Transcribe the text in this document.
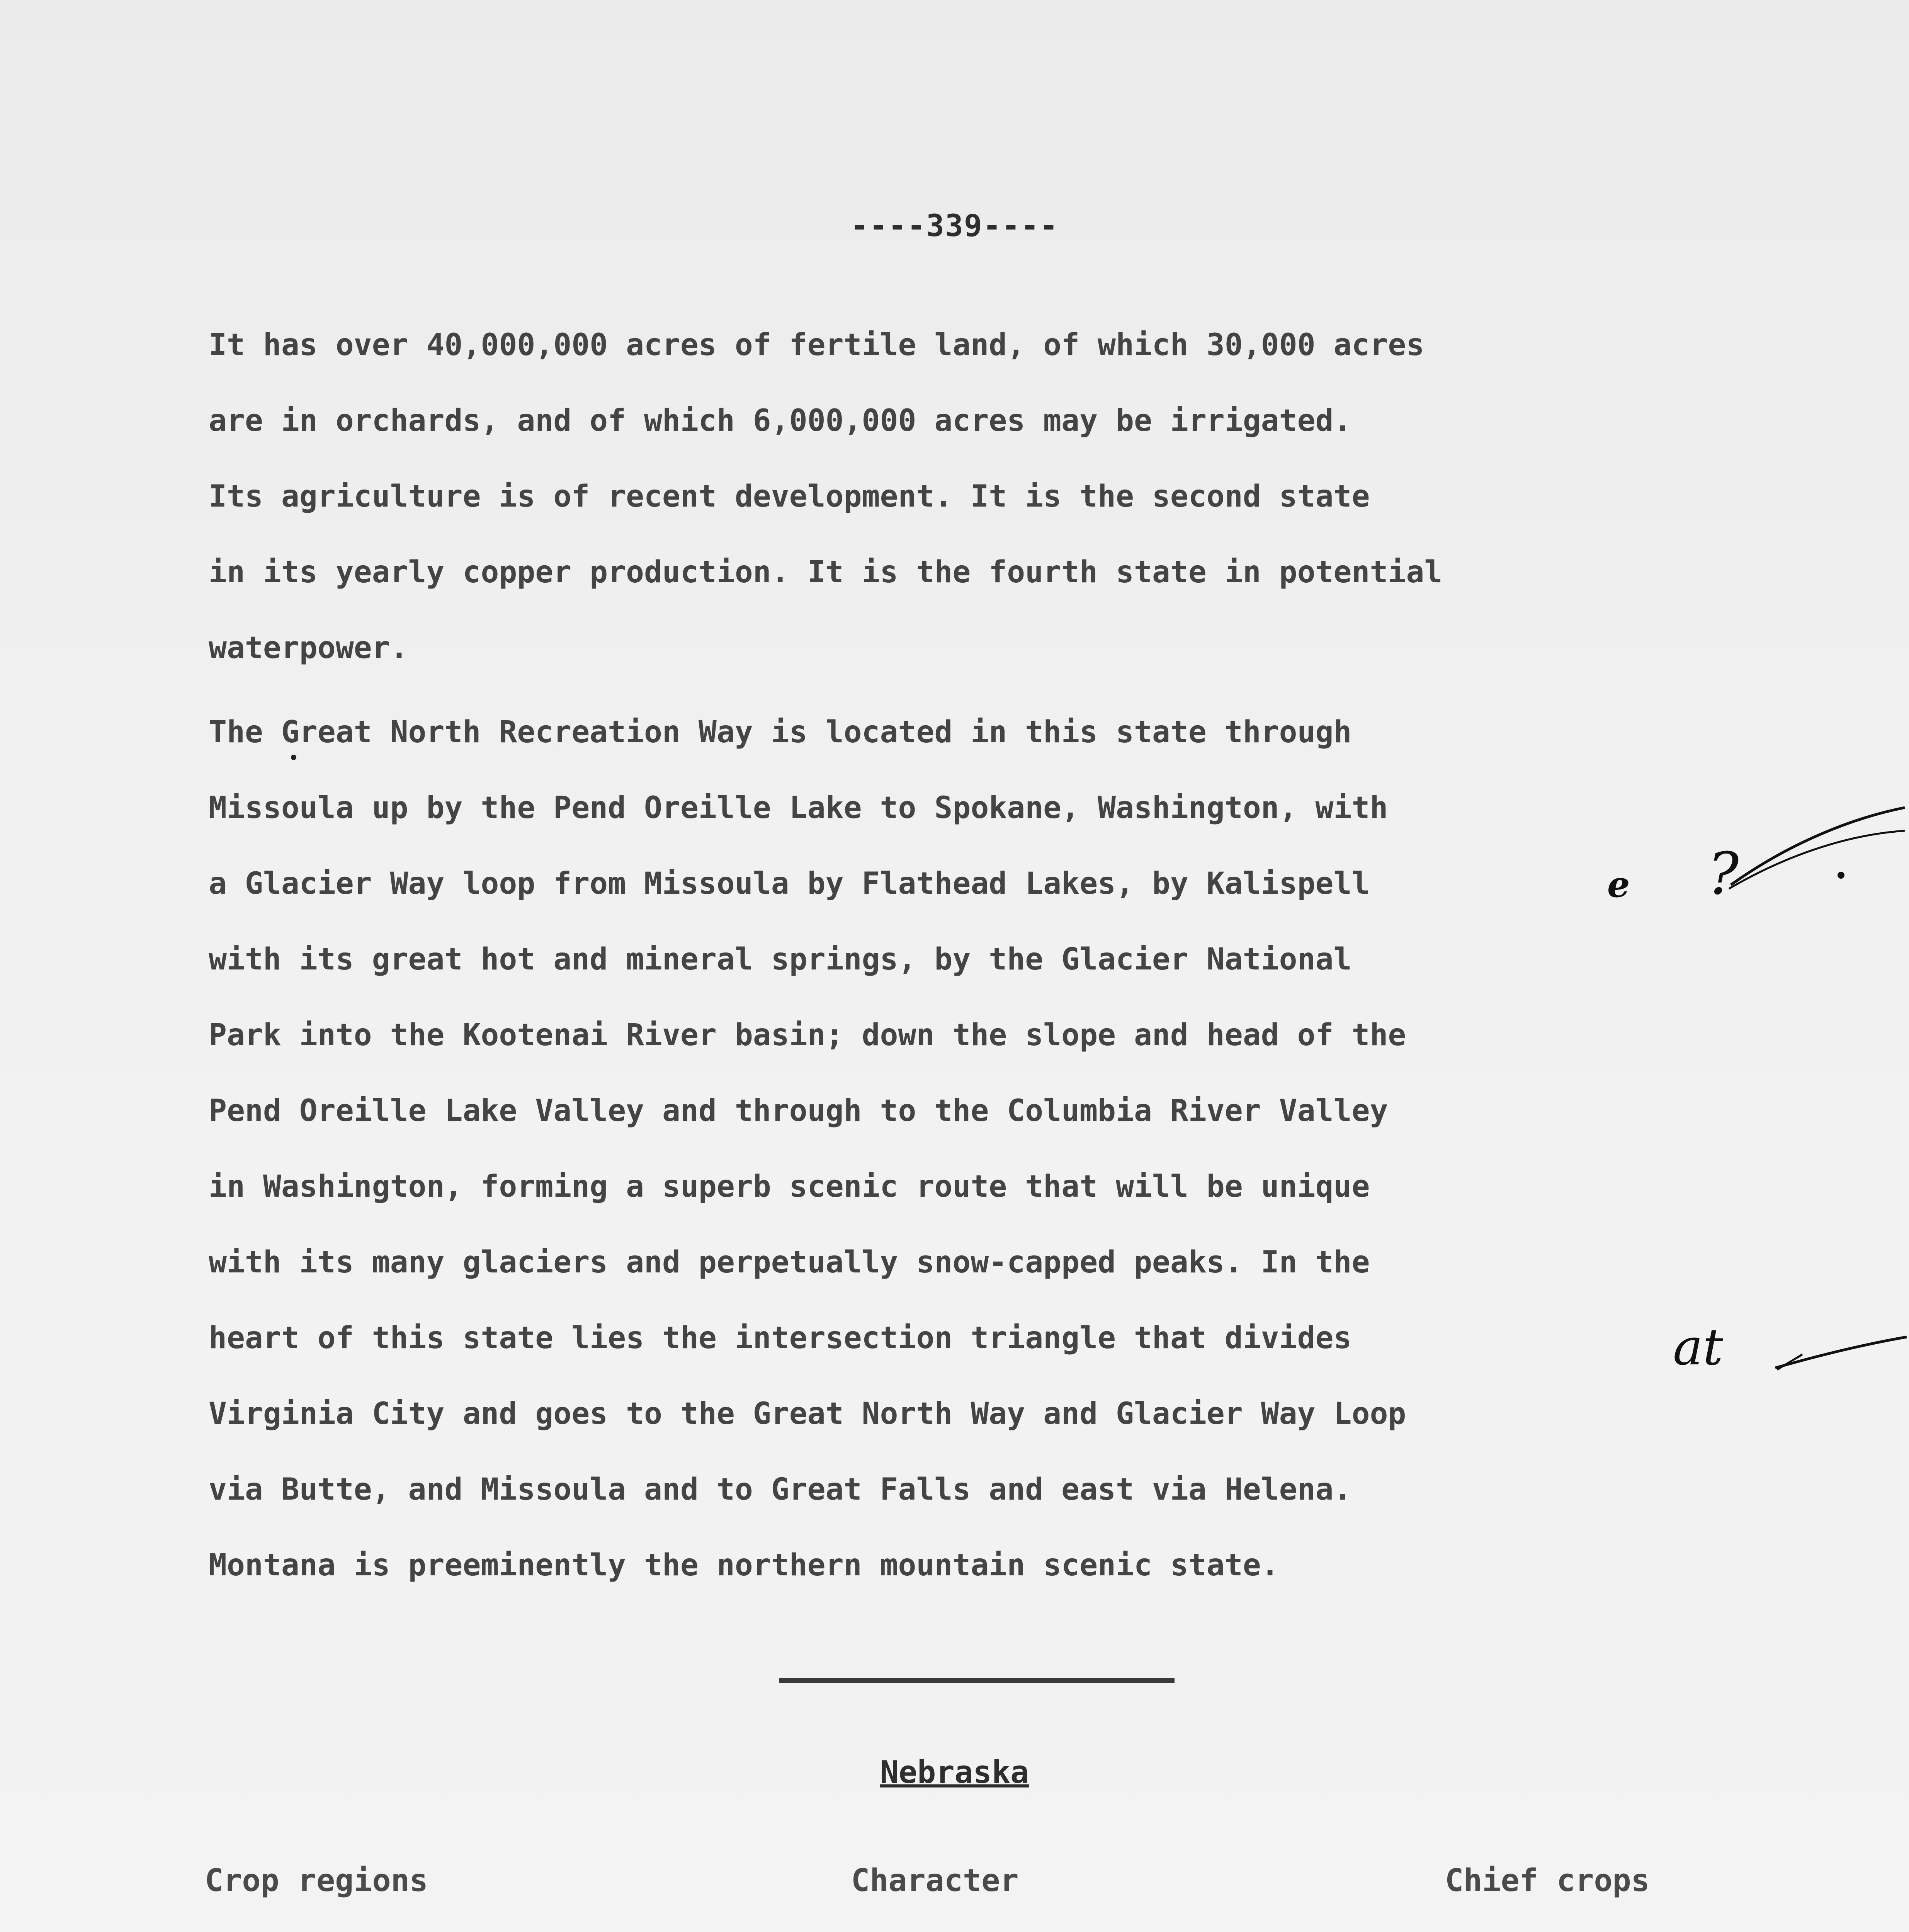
----339----

It has over 40,000,000 acres of fertile land, of which 30,000 acres
are in orchards, and of which 6,000,000 acres may be irrigated.
Its agriculture is of recent development. It is the second state
in its yearly copper production. It is the fourth state in potential
waterpower.

The Great North Recreation Way is located in this state through
Missoula up by the Pend Oreille Lake to Spokane, Washington, with
a Glacier Way loop from Missoula by Flathead Lakes, by Kalispell
with its great hot and mineral springs, by the Glacier National
Park into the Kootenai River basin; down the slope and head of the
Pend Oreille Lake Valley and through to the Columbia River Valley
in Washington, forming a superb scenic route that will be unique
with its many glaciers and perpetually snow-capped peaks. In the
heart of this state lies the intersection triangle that divides
Virginia City and goes to the Great North Way and Glacier Way Loop
via Butte, and Missoula and to Great Falls and east via Helena.
Montana is preeminently the northern mountain scenic state.

e ?
at
Nebraska
Crop regions	Character	Chief crops
